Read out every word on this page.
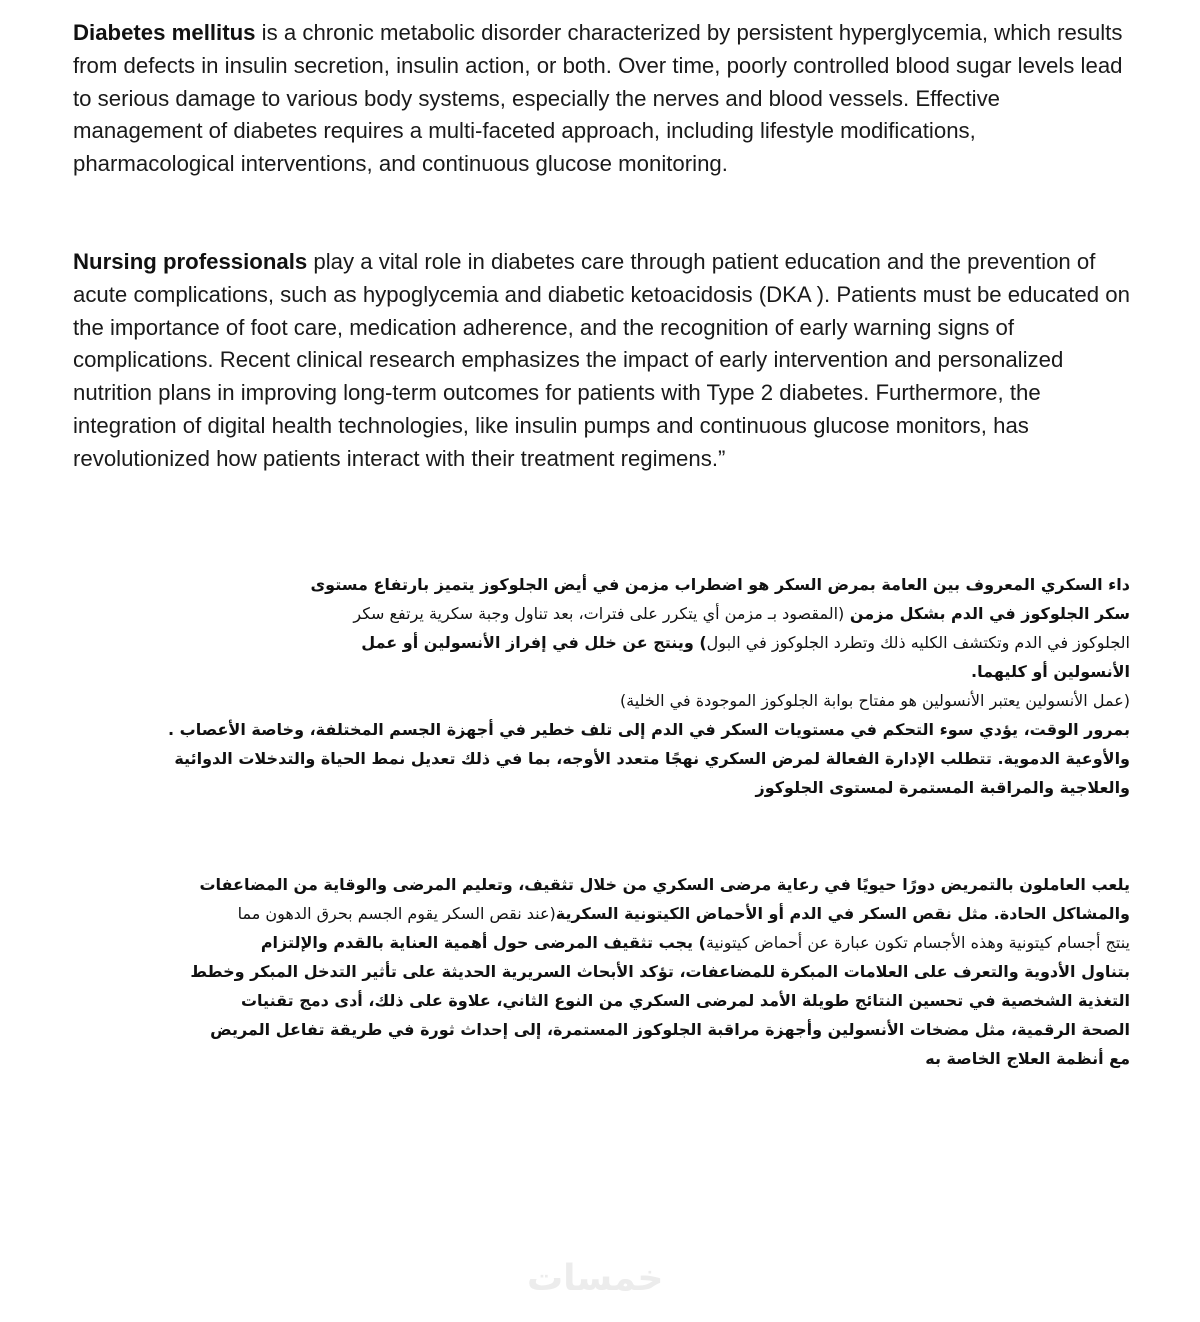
Diabetes mellitus is a chronic metabolic disorder characterized by persistent hyperglycemia, which results from defects in insulin secretion, insulin action, or both. Over time, poorly controlled blood sugar levels lead to serious damage to various body systems, especially the nerves and blood vessels. Effective management of diabetes requires a multi-faceted approach, including lifestyle modifications, pharmacological interventions, and continuous glucose monitoring.

Nursing professionals play a vital role in diabetes care through patient education and the prevention of acute complications, such as hypoglycemia and diabetic ketoacidosis (DKA ). Patients must be educated on the importance of foot care, medication adherence, and the recognition of early warning signs of complications. Recent clinical research emphasizes the impact of early intervention and personalized nutrition plans in improving long-term outcomes for patients with Type 2 diabetes. Furthermore, the integration of digital health technologies, like insulin pumps and continuous glucose monitors, has revolutionized how patients interact with their treatment regimens.”

داء السكري المعروف بين العامة بمرض السكر هو اضطراب مزمن في أيض الجلوكوز يتميز بارتفاع مستوى
سكر الجلوكوز في الدم بشكل مزمن (المقصود بـ مزمن أي يتكرر على فترات، بعد تناول وجبة سكرية يرتفع سكر
الجلوكوز في الدم وتكتشف الكليه ذلك وتطرد الجلوكوز في البول) وينتج عن خلل في إفراز الأنسولين أو عمل
الأنسولين أو كليهما.
(عمل الأنسولين يعتبر الأنسولين هو مفتاح بوابة الجلوكوز الموجودة في الخلية)
بمرور الوقت، يؤدي سوء التحكم في مستويات السكر في الدم إلى تلف خطير في أجهزة الجسم المختلفة، وخاصة الأعصاب .
والأوعية الدموية. تتطلب الإدارة الفعالة لمرض السكري نهجًا متعدد الأوجه، بما في ذلك تعديل نمط الحياة والتدخلات الدوائية
والعلاجية والمراقبة المستمرة لمستوى الجلوكوز
يلعب العاملون بالتمريض دورًا حيويًا في رعاية مرضى السكري من خلال تثقيف، وتعليم المرضى والوقاية من المضاعفات
والمشاكل الحادة. مثل نقص السكر في الدم أو الأحماض الكيتونية السكرية(عند نقص السكر يقوم الجسم بحرق الدهون مما
ينتج أجسام كيتونية وهذه الأجسام تكون عبارة عن أحماض كيتونية) يجب تثقيف المرضى حول أهمية العناية بالقدم والإلتزام
بتناول الأدوية والتعرف على العلامات المبكرة للمضاعفات، تؤكد الأبحاث السريرية الحديثة على تأثير التدخل المبكر وخطط
التغذية الشخصية في تحسين النتائج طويلة الأمد لمرضى السكري من النوع الثاني، علاوة على ذلك، أدى دمج تقنيات
الصحة الرقمية، مثل مضخات الأنسولين وأجهزة مراقبة الجلوكوز المستمرة، إلى إحداث ثورة في طريقة تفاعل المريض
مع أنظمة العلاج الخاصة به
خمسات
